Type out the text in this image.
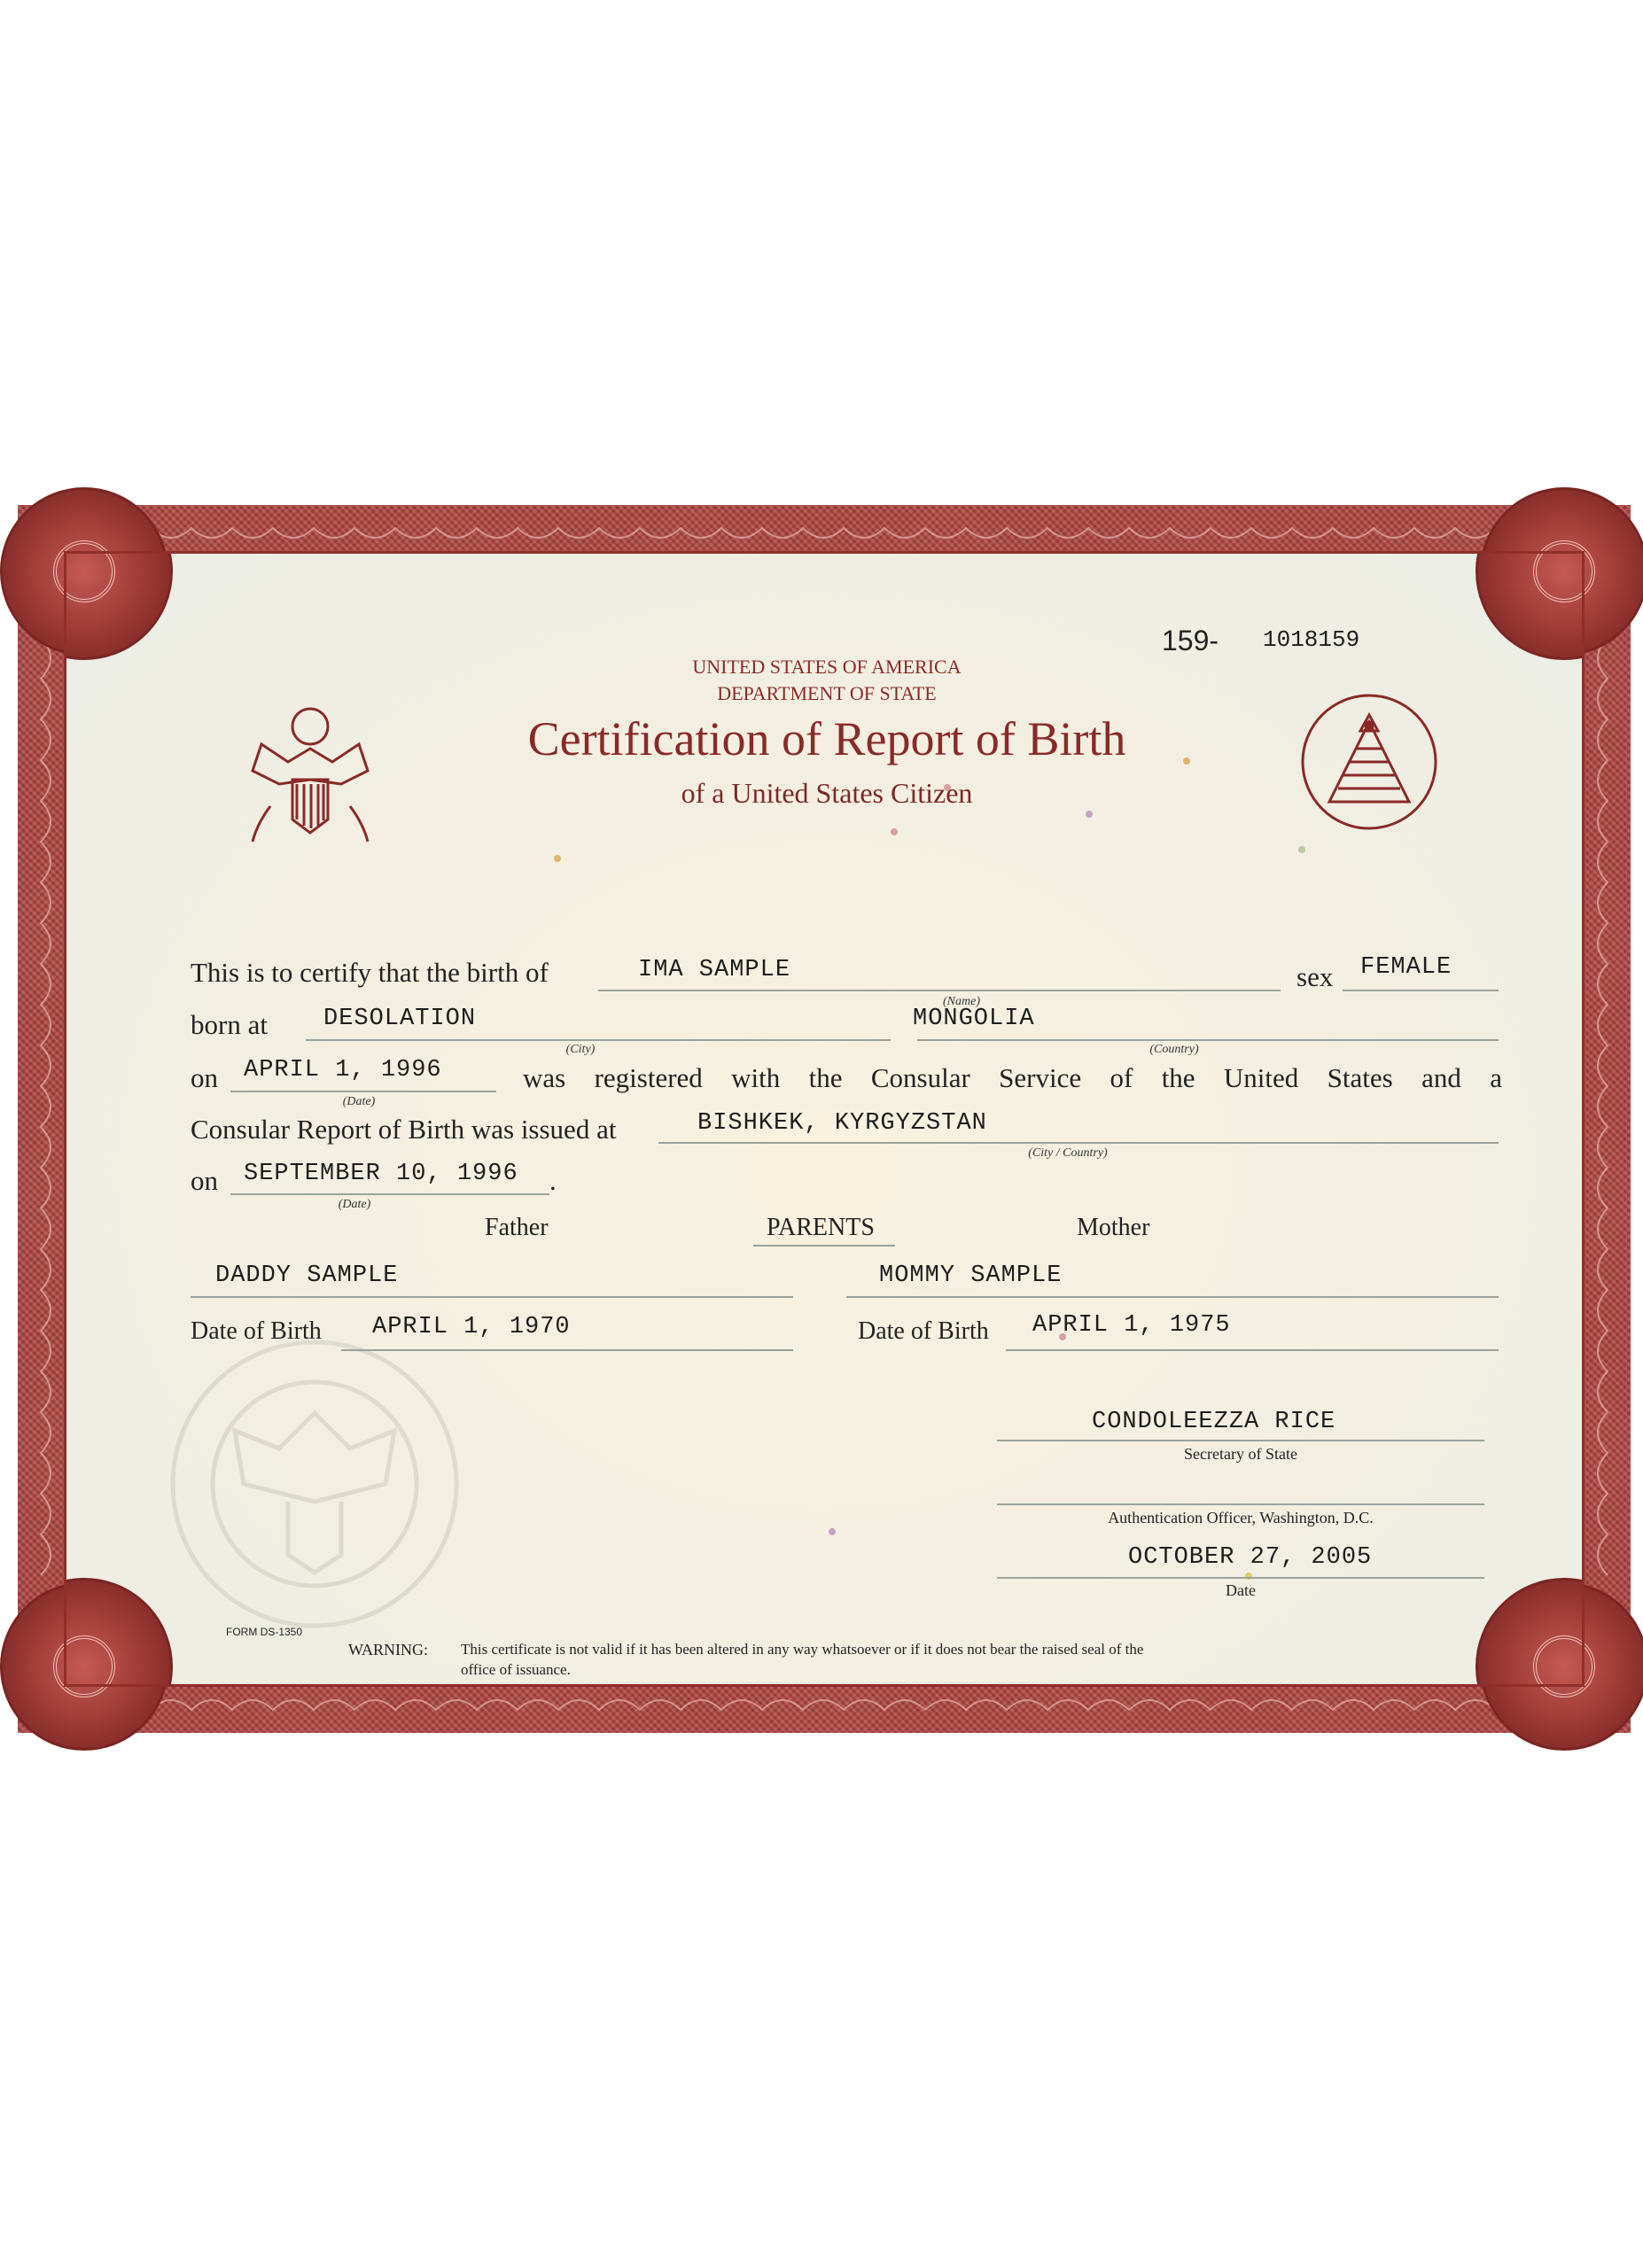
159- 1018159
UNITED STATES OF AMERICA
DEPARTMENT OF STATE
Certification of Report of Birth
of a United States Citizen
This is to certify that the birth of	IMA SAMPLE
(Name)
sex FEMALE
born at DESOLATION
(City)
MONGOLIA
(Country)
on APRIL 1, 1996
(Date)
was registered with the Consular Service of the United States and a
Consular Report of Birth was issued at	BISHKEK, KYRGYZSTAN
(City / Country)
on SEPTEMBER 10, 1996 .
(Date)
Father	PARENTS	Mother
DADDY SAMPLE	MOMMY SAMPLE
Date of Birth APRIL 1, 1970	Date of Birth APRIL 1, 1975
CONDOLEEZZA RICE
Secretary of State
Authentication Officer, Washington, D.C.
OCTOBER 27, 2005
Date
FORM DS-1350
WARNING: This certificate is not valid if it has been altered in any way whatsoever or if it does not bear the raised seal of the
office of issuance.
